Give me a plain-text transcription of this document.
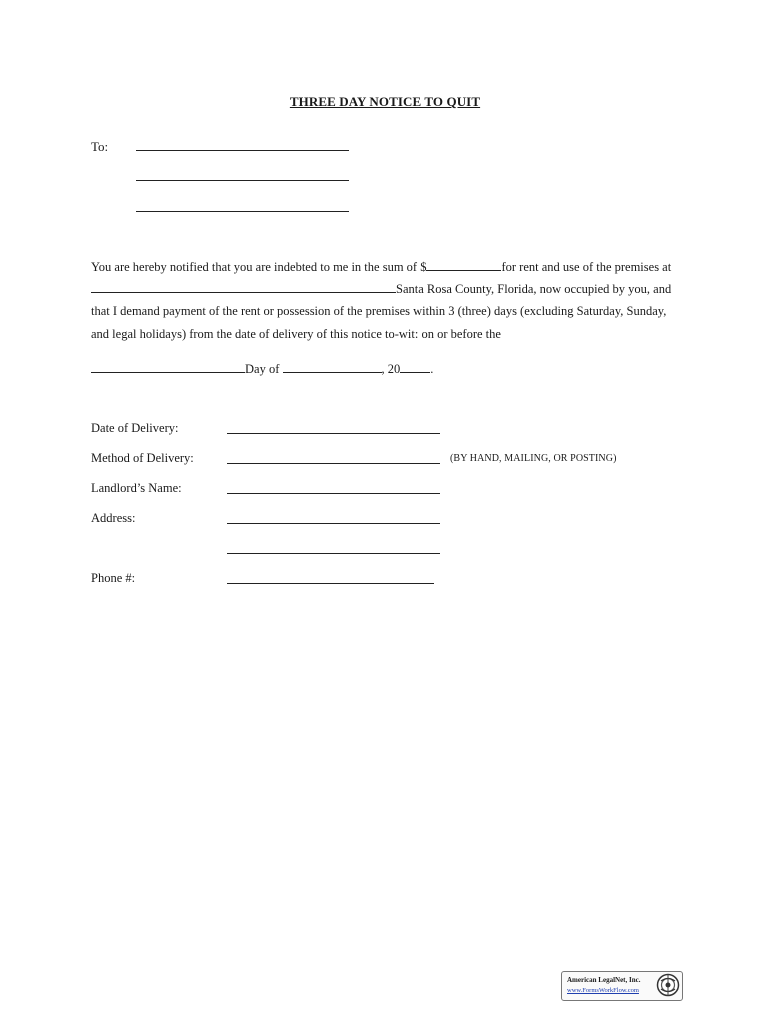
THREE DAY NOTICE TO QUIT
To:
You are hereby notified that you are indebted to me in the sum of $	for rent and use of the premises at
Santa Rosa County, Florida, now occupied by you, and
that I demand payment of the rent or possession of the premises within 3 (three) days (excluding Saturday, Sunday,
and legal holidays) from the date of delivery of this notice to-wit: on or before the
Day of	, 20 .
Date of Delivery:
Method of Delivery:	(BY HAND, MAILING, OR POSTING)
Landlord’s Name:
Address:
Phone #:
American LegalNet, Inc.
www.FormsWorkFlow.com
